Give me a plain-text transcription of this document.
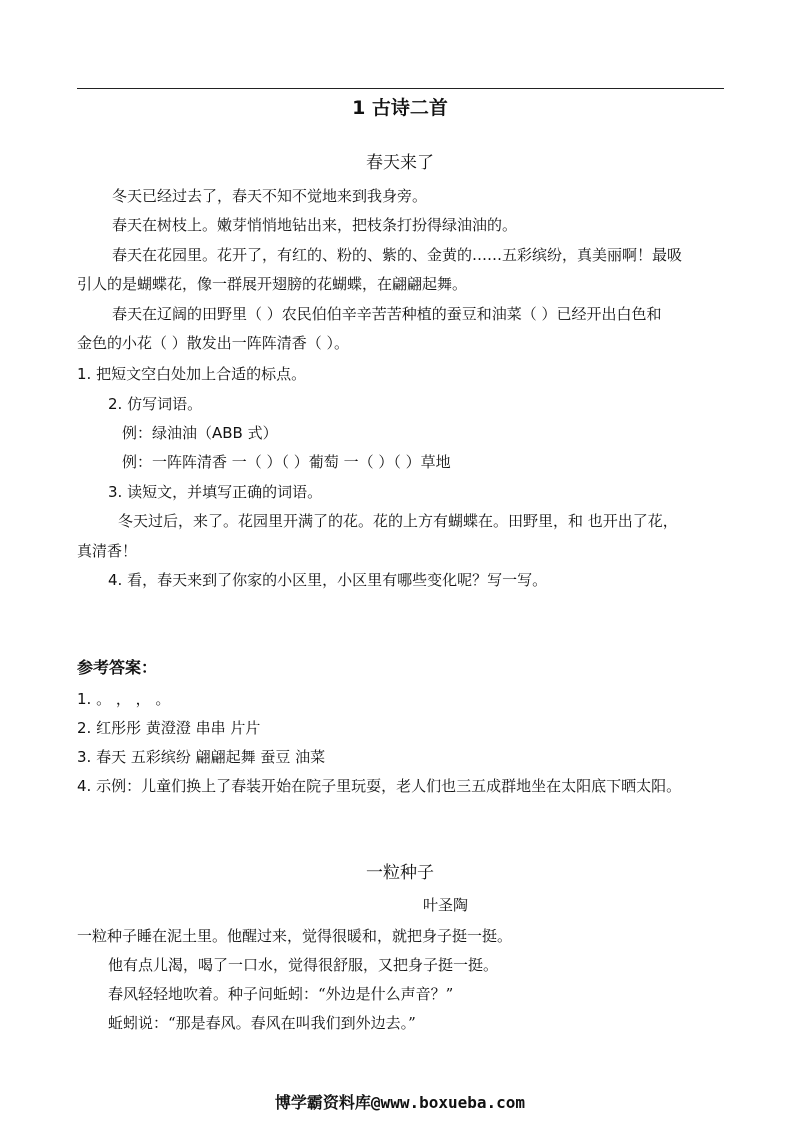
1 古诗二首
春天来了
冬天已经过去了，春天不知不觉地来到我身旁。
春天在树枝上。嫩芽悄悄地钻出来，把枝条打扮得绿油油的。
春天在花园里。花开了，有红的、粉的、紫的、金黄的……五彩缤纷，真美丽啊！最吸
引人的是蝴蝶花，像一群展开翅膀的花蝴蝶，在翩翩起舞。
春天在辽阔的田野里（ ）农民伯伯辛辛苦苦种植的蚕豆和油菜（ ）已经开出白色和
金色的小花（ ）散发出一阵阵清香（ ）。
1. 把短文空白处加上合适的标点。
2. 仿写词语。
例：绿油油（ABB 式）
例：一阵阵清香 一（ ）（ ）葡萄 一（ ）（ ）草地
3. 读短文，并填写正确的词语。
冬天过后，来了。花园里开满了的花。花的上方有蝴蝶在。田野里，和 也开出了花，
真清香！
4. 看，春天来到了你家的小区里，小区里有哪些变化呢？写一写。
参考答案：
1. 。 ， ， 。
2. 红彤彤 黄澄澄 串串 片片
3. 春天 五彩缤纷 翩翩起舞 蚕豆 油菜
4. 示例：儿童们换上了春装开始在院子里玩耍，老人们也三五成群地坐在太阳底下晒太阳。
一粒种子
叶圣陶
一粒种子睡在泥土里。他醒过来，觉得很暖和，就把身子挺一挺。
他有点儿渴，喝了一口水，觉得很舒服，又把身子挺一挺。
春风轻轻地吹着。种子问蚯蚓：“外边是什么声音？”
蚯蚓说：“那是春风。春风在叫我们到外边去。”
博学霸资料库@www.boxueba.com
